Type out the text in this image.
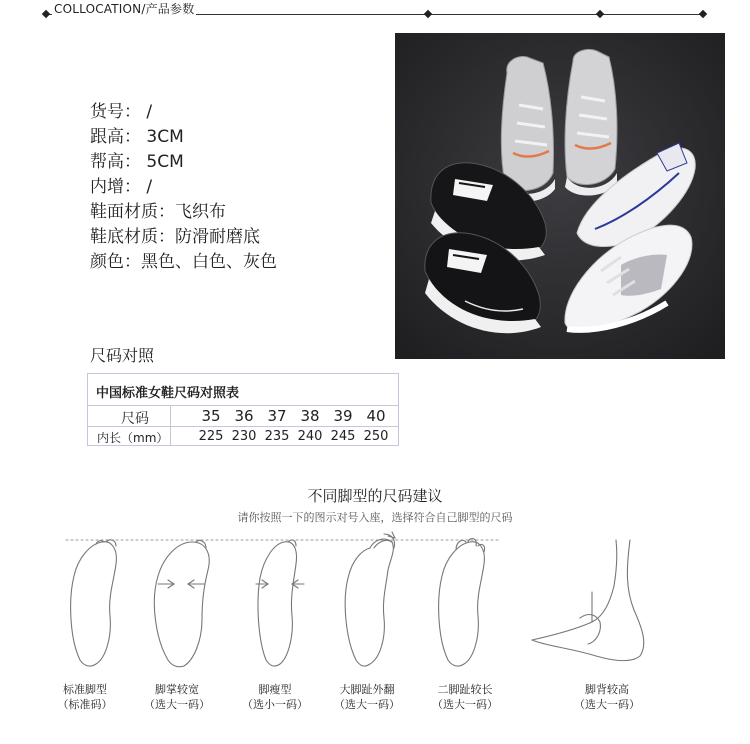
COLLOCATION/产品参数
货号： /
跟高： 3CM
帮高： 5CM
内增： /
鞋面材质：飞织布
鞋底材质：防滑耐磨底
颜色：黑色、白色、灰色
尺码对照
中国标准女鞋尺码对照表
尺码
内长（mm）
35 36 37 38 39 40
225 230 235 240 245 250
不同脚型的尺码建议
请你按照一下的图示对号入座，选择符合自己脚型的尺码
标准脚型
（标准码）
脚掌较宽
（选大一码）
脚瘦型
（选小一码）
大脚趾外翻
（选大一码）
二脚趾较长
（选大一码）
脚背较高
（选大一码）
